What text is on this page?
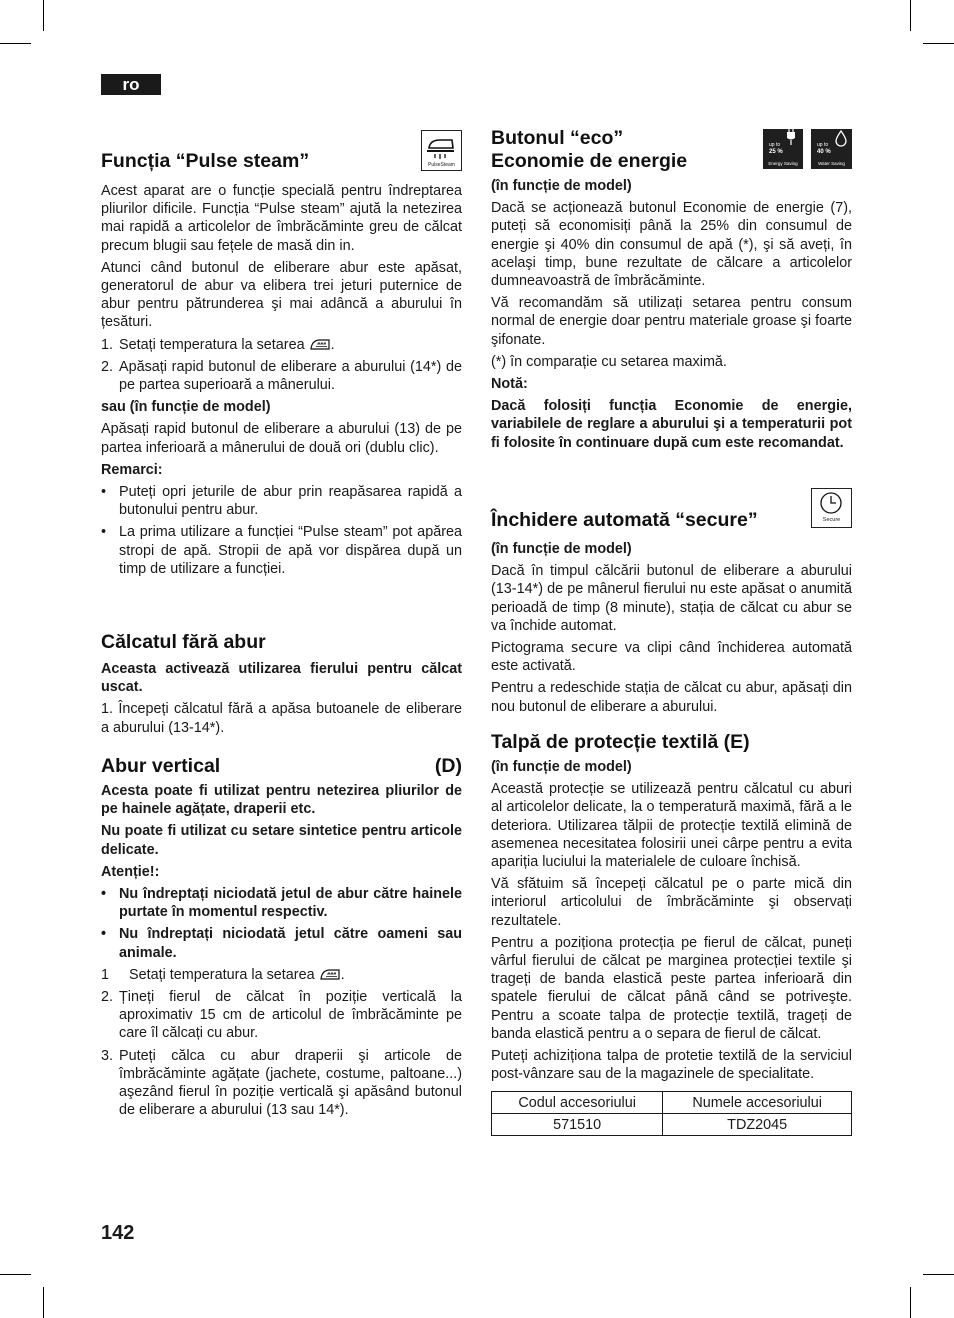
ro
Funcția “Pulse steam”	PulseSteam

Acest aparat are o funcție specială pentru îndreptarea pliurilor dificile. Funcția “Pulse steam” ajută la netezirea mai rapidă a articolelor de îmbrăcăminte greu de călcat precum blugii sau fețele de masă din in.

Atunci când butonul de eliberare abur este apăsat, generatorul de abur va elibera trei jeturi puternice de abur pentru pătrunderea şi mai adâncă a aburului în țesături.

1. Setați temperatura la setarea .
2. Apăsați rapid butonul de eliberare a aburului (14*) de pe partea superioară a mânerului.

sau (în funcție de model)

Apăsați rapid butonul de eliberare a aburului (13) de pe partea inferioară a mânerului de două ori (dublu clic).

Remarci:

• Puteți opri jeturile de abur prin reapăsarea rapidă a butonului pentru abur.
• La prima utilizare a funcției “Pulse steam” pot apărea stropi de apă. Stropii de apă vor dispărea după un timp de utilizare a funcției.
Călcatul fără abur

Aceasta activează utilizarea fierului pentru călcat uscat.

1. Începeți călcatul fără a apăsa butoanele de eliberare a aburului (13-14*).

Abur vertical	(D)

Acesta poate fi utilizat pentru netezirea pliurilor de pe hainele agățate, draperii etc.

Nu poate fi utilizat cu setare sintetice pentru articole delicate.

Atenție!:

• Nu îndreptați niciodată jetul de abur către hainele purtate în momentul respectiv.
• Nu îndreptați niciodată jetul către oameni sau animale.
1 Setați temperatura la setarea .
2. Țineți fierul de călcat în poziție verticală la aproximativ 15 cm de articolul de îmbrăcăminte pe care îl călcați cu abur.
3. Puteți călca cu abur draperii şi articole de îmbrăcăminte agățate (jachete, costume, paltoane...) aşezând fierul în poziție verticală şi apăsând butonul de eliberare a aburului (13 sau 14*).
Butonul “eco”
Economie de energie

(în funcție de model)

Dacă se acționează butonul Economie de energie (7), puteți să economisiți până la 25% din consumul de energie şi 40% din consumul de apă (*), şi să aveți, în acelaşi timp, bune rezultate de călcare a articolelor dumneavoastră de îmbrăcăminte.

Vă recomandăm să utilizați setarea pentru consum normal de energie doar pentru materiale groase şi foarte şifonate.

(*) în comparație cu setarea maximă.

Notă:

Dacă folosiți funcția Economie de energie, variabilele de reglare a aburului şi a temperaturii pot fi folosite în continuare după cum este recomandat.

up to
25 %
Energy Saving
up to
40 %
Water Saving
Închidere automată “secure”

(în funcție de model)

Dacă în timpul călcării butonul de eliberare a aburului (13-14*) de pe mânerul fierului nu este apăsat o anumită perioadă de timp (8 minute), stația de călcat cu abur se va închide automat.

Pictograma secure va clipi când închiderea automată este activată.

Pentru a redeschide stația de călcat cu abur, apăsați din nou butonul de eliberare a aburului.

Secure
Talpă de protecție textilă (E)

(în funcție de model)

Această protecție se utilizează pentru călcatul cu aburi al articolelor delicate, la o temperatură maximă, fără a le deteriora. Utilizarea tălpii de protecție textilă elimină de asemenea necesitatea folosirii unei cârpe pentru a evita apariția luciului la materialele de culoare închisă.

Vă sfătuim să începeți călcatul pe o parte mică din interiorul articolului de îmbrăcăminte şi observați rezultatele.

Pentru a poziționa protecția pe fierul de călcat, puneți vârful fierului de călcat pe marginea protecției textile şi trageți de banda elastică peste partea inferioară din spatele fierului de călcat până când se potriveşte. Pentru a scoate talpa de protecție textilă, trageți de banda elastică pentru a o separa de fierul de călcat.

Puteți achiziționa talpa de protetie textilă de la serviciul post-vânzare sau de la magazinele de specialitate.

Codul accesoriului	Numele accesoriului
571510	TDZ2045
142
